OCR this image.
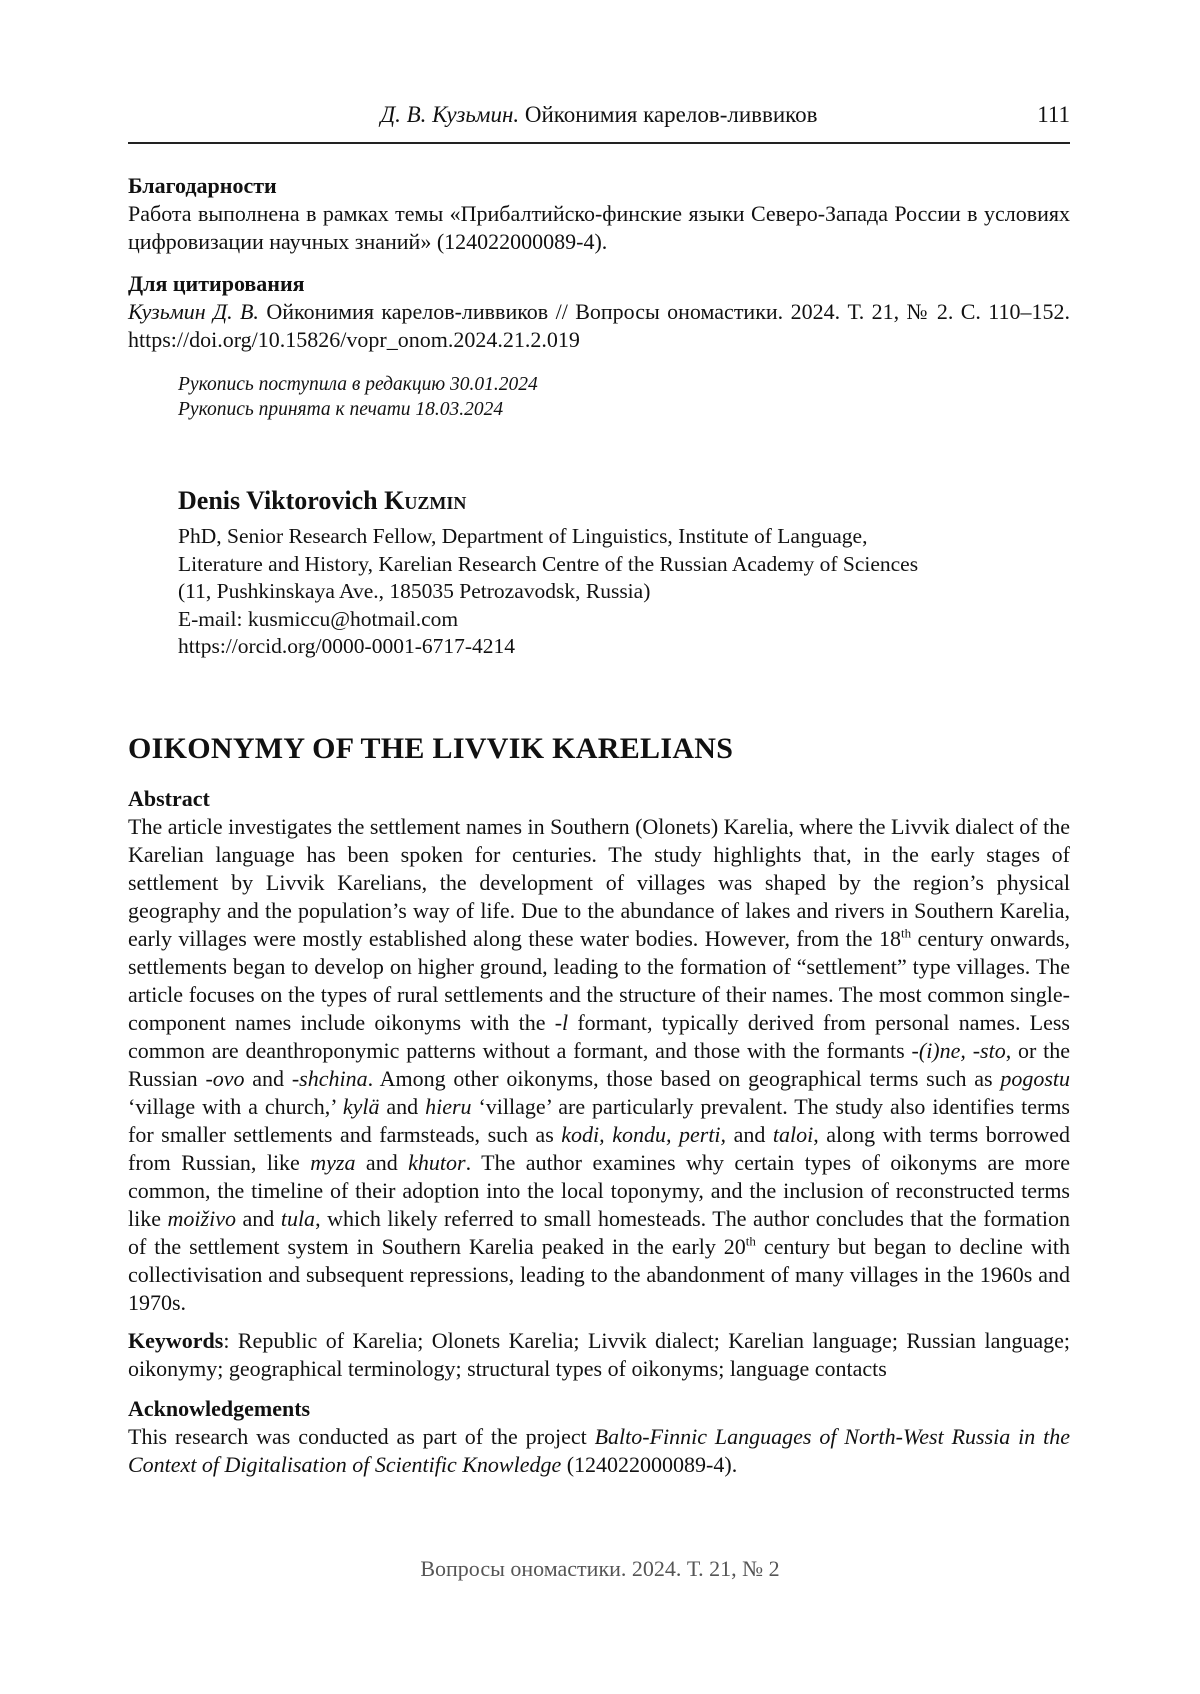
Д. В. Кузьмин. Ойконимия карелов-ливвиков	111
Благодарности
Работа выполнена в рамках темы «Прибалтийско-финские языки Северо-Запада России в условиях цифровизации научных знаний» (124022000089-4).
Для цитирования
Кузьмин Д. В. Ойконимия карелов-ливвиков // Вопросы ономастики. 2024. Т. 21, № 2. С. 110–152. https://doi.org/10.15826/vopr_onom.2024.21.2.019
Рукопись поступила в редакцию 30.01.2024
Рукопись принята к печати 18.03.2024
Denis Viktorovich Kuzmin
PhD, Senior Research Fellow, Department of Linguistics, Institute of Language,
Literature and History, Karelian Research Centre of the Russian Academy of Sciences
(11, Pushkinskaya Ave., 185035 Petrozavodsk, Russia)
E-mail: kusmiccu@hotmail.com
https://orcid.org/0000-0001-6717-4214
OIKONYMY OF THE LIVVIK KARELIANS
Abstract
The article investigates the settlement names in Southern (Olonets) Karelia, where the Livvik dialect of the Karelian language has been spoken for centuries. The study highlights that, in the early stages of settlement by Livvik Karelians, the development of villages was shaped by the region’s physical geography and the population’s way of life. Due to the abundance of lakes and rivers in Southern Karelia, early villages were mostly established along these water bodies. However, from the 18th century onwards, settlements began to develop on higher ground, leading to the formation of “settlement” type villages. The article focuses on the types of rural settlements and the structure of their names. The most common single-component names include oikonyms with the -l formant, typically derived from personal names. Less common are deanthroponymic patterns without a formant, and those with the formants -(i)ne, -sto, or the Russian -ovo and -shchina. Among other oikonyms, those based on geographical terms such as pogostu ‘village with a church,’ kylä and hieru ‘village’ are particularly prevalent. The study also identifies terms for smaller settlements and farmsteads, such as kodi, kondu, perti, and taloi, along with terms borrowed from Russian, like myza and khutor. The author examines why certain types of oikonyms are more common, the timeline of their adoption into the local toponymy, and the inclusion of reconstructed terms like moiživo and tula, which likely referred to small homesteads. The author concludes that the formation of the settlement system in Southern Karelia peaked in the early 20th century but began to decline with collectivisation and subsequent repressions, leading to the abandonment of many villages in the 1960s and 1970s.
Keywords: Republic of Karelia; Olonets Karelia; Livvik dialect; Karelian language; Russian language; oikonymy; geographical terminology; structural types of oikonyms; language contacts
Acknowledgements
This research was conducted as part of the project Balto-Finnic Languages of North-West Russia in the Context of Digitalisation of Scientific Knowledge (124022000089-4).
Вопросы ономастики. 2024. Т. 21, № 2
